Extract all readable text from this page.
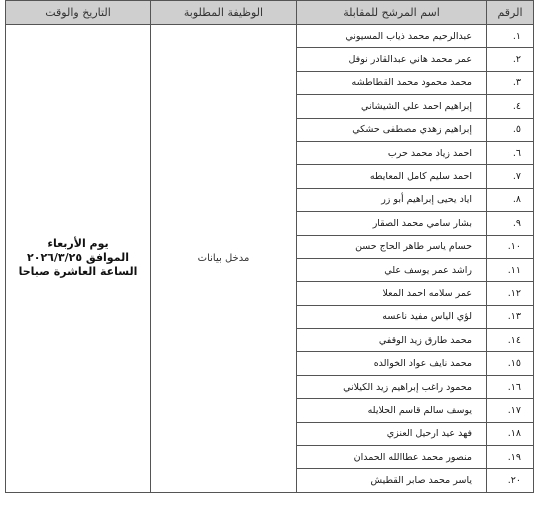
الرقم	اسم المرشح للمقابلة	الوظيفة المطلوبة	التاريخ والوقت
١.	عبدالرحيم محمد ذياب المسيوني	مدخل بيانات	يوم الأربعاء
الموافق ٢٠٢٦/٣/٢٥
الساعة العاشرة صباحا

٢.	عمر محمد هاني عبدالقادر نوفل		
٣.	محمد محمود محمد القطاطشه		
٤.	إبراهيم احمد علي الشيشاني		
٥.	إبراهيم زهدي مصطفى حشكي		
٦.	احمد زياد محمد حرب		
٧.	احمد سليم كامل المعايطه		
٨.	اياد يحيى إبراهيم أبو زر		
٩.	بشار سامي محمد الصقار		
١٠.	حسام ياسر طاهر الحاج حسن		
١١.	راشد عمر يوسف علي		
١٢.	عمر سلامه احمد المعلا		
١٣.	لؤي الياس مفيد ناعسه		
١٤.	محمد طارق زيد الوقفي		
١٥.	محمد نايف عواد الخوالده		
١٦.	محمود راغب إبراهيم زيد الكيلاني		
١٧.	يوسف سالم قاسم الحلايله		
١٨.	فهد عيد ارحيل العنزي		
١٩.	منصور محمد عطاالله الحمدان		
٢٠.	ياسر محمد صابر القطيش		
